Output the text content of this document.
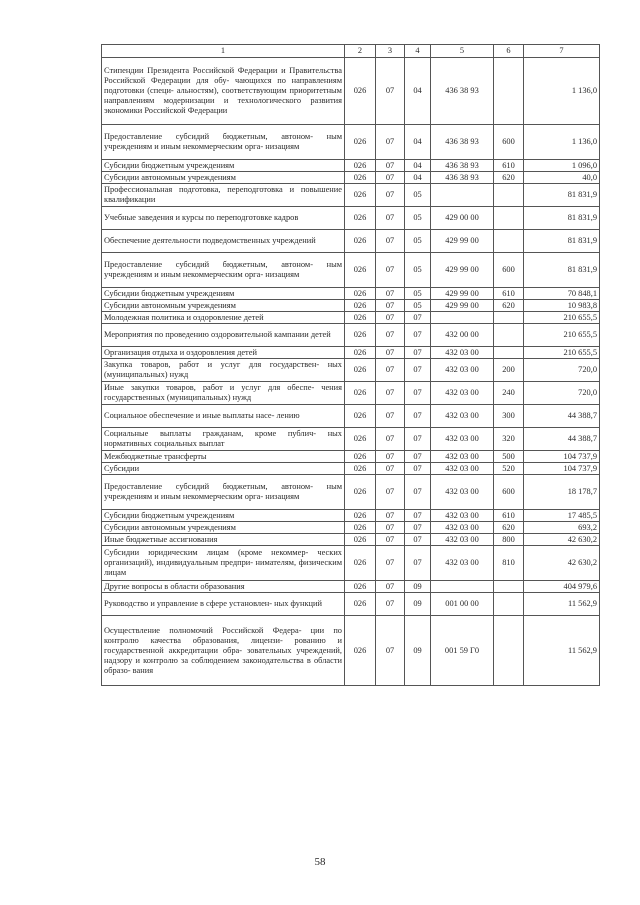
1	2	3	4	5	6	7
Стипендии Президента Российской Федерации и Правительства Российской Федерации для обу- чающихся по направлениям подготовки (специ- альностям), соответствующим приоритетным направлениям модернизации и технологического развития экономики Российской Федерации	026	07	04	436 38 93		1 136,0
Предоставление субсидий бюджетным, автоном- ным учреждениям и иным некоммерческим орга- низациям	026	07	04	436 38 93	600	1 136,0
Субсидии бюджетным учреждениям	026	07	04	436 38 93	610	1 096,0
Субсидии автономным учреждениям	026	07	04	436 38 93	620	40,0
Профессиональная подготовка, переподготовка и повышение квалификации	026	07	05			81 831,9
Учебные заведения и курсы по переподготовке кадров	026	07	05	429 00 00		81 831,9
Обеспечение деятельности подведомственных учреждений	026	07	05	429 99 00		81 831,9
Предоставление субсидий бюджетным, автоном- ным учреждениям и иным некоммерческим орга- низациям	026	07	05	429 99 00	600	81 831,9
Субсидии бюджетным учреждениям	026	07	05	429 99 00	610	70 848,1
Субсидии автономным учреждениям	026	07	05	429 99 00	620	10 983,8
Молодежная политика и оздоровление детей	026	07	07			210 655,5
Мероприятия по проведению оздоровительной кампании детей	026	07	07	432 00 00		210 655,5
Организация отдыха и оздоровления детей	026	07	07	432 03 00		210 655,5
Закупка товаров, работ и услуг для государствен- ных (муниципальных) нужд	026	07	07	432 03 00	200	720,0
Иные закупки товаров, работ и услуг для обеспе- чения государственных (муниципальных) нужд	026	07	07	432 03 00	240	720,0
Социальное обеспечение и иные выплаты насе- лению	026	07	07	432 03 00	300	44 388,7
Социальные выплаты гражданам, кроме публич- ных нормативных социальных выплат	026	07	07	432 03 00	320	44 388,7
Межбюджетные трансферты	026	07	07	432 03 00	500	104 737,9
Субсидии	026	07	07	432 03 00	520	104 737,9
Предоставление субсидий бюджетным, автоном- ным учреждениям и иным некоммерческим орга- низациям	026	07	07	432 03 00	600	18 178,7
Субсидии бюджетным учреждениям	026	07	07	432 03 00	610	17 485,5
Субсидии автономным учреждениям	026	07	07	432 03 00	620	693,2
Иные бюджетные ассигнования	026	07	07	432 03 00	800	42 630,2
Субсидии юридическим лицам (кроме некоммер- ческих организаций), индивидуальным предпри- нимателям, физическим лицам	026	07	07	432 03 00	810	42 630,2
Другие вопросы в области образования	026	07	09			404 979,6
Руководство и управление в сфере установлен- ных функций	026	07	09	001 00 00		11 562,9
Осуществление полномочий Российской Федера- ции по контролю качества образования, лицензи- рованию и государственной аккредитации обра- зовательных учреждений, надзору и контролю за соблюдением законодательства в области образо- вания	026	07	09	001 59 Г0		11 562,9
58
